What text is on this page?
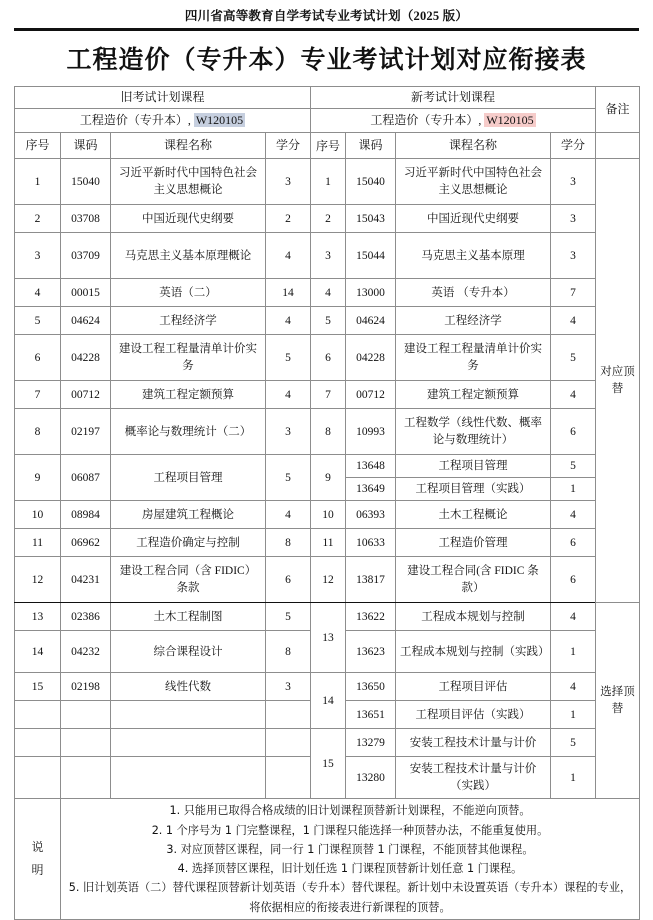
四川省高等教育自学考试专业考试计划（2025 版）
工程造价（专升本）专业考试计划对应衔接表
旧考试计划课程				新考试计划课程				备注
工程造价（专升本）, W120105				工程造价（专升本）, W120105				
序号	课码	课程名称	学分	序号	课码	课程名称	学分	
1	15040	习近平新时代中国特色社会主义思想概论	3	1	15040	习近平新时代中国特色社会主义思想概论	3	对应顶替
2	03708	中国近现代史纲要	2	2	15043	中国近现代史纲要	3	
3	03709	马克思主义基本原理概论	4	3	15044	马克思主义基本原理	3	
4	00015	英语（二）	14	4	13000	英语 （专升本）	7	
5	04624	工程经济学	4	5	04624	工程经济学	4	
6	04228	建设工程工程量清单计价实务	5	6	04228	建设工程工程量清单计价实务	5	
7	00712	建筑工程定额预算	4	7	00712	建筑工程定额预算	4	
8	02197	概率论与数理统计（二）	3	8	10993	工程数学（线性代数、概率论与数理统计）	6	
9	06087	工程项目管理	5	9	13648	工程项目管理	5	
					13649	工程项目管理（实践）	1	
10	08984	房屋建筑工程概论	4	10	06393	土木工程概论	4	
11	06962	工程造价确定与控制	8	11	10633	工程造价管理	6	
12	04231	建设工程合同（含 FIDIC）条款	6	12	13817	建设工程合同(含 FIDIC 条款）	6	
13	02386	土木工程制图	5	13	13622	工程成本规划与控制	4	选择顶替
14	04232	综合课程设计	8		13623	工程成本规划与控制（实践）	1	
15	02198	线性代数	3	14	13650	工程项目评估	4	
					13651	工程项目评估（实践）	1	
				15	13279	安装工程技术计量与计价	5	
					13280	安装工程技术计量与计价（实践）	1	
说
明

1. 只能用已取得合格成绩的旧计划课程顶替新计划课程，不能逆向顶替。
2. 1 个序号为 1 门完整课程，1 门课程只能选择一种顶替办法，不能重复使用。
3. 对应顶替区课程，同一行 1 门课程顶替 1 门课程，不能顶替其他课程。
4. 选择顶替区课程，旧计划任选 1 门课程顶替新计划任意 1 门课程。
5. 旧计划英语（二）替代课程顶替新计划英语（专升本）替代课程。新计划中未设置英语（专升本）课程的专业，将依据相应的衔接表进行新课程的顶替。
